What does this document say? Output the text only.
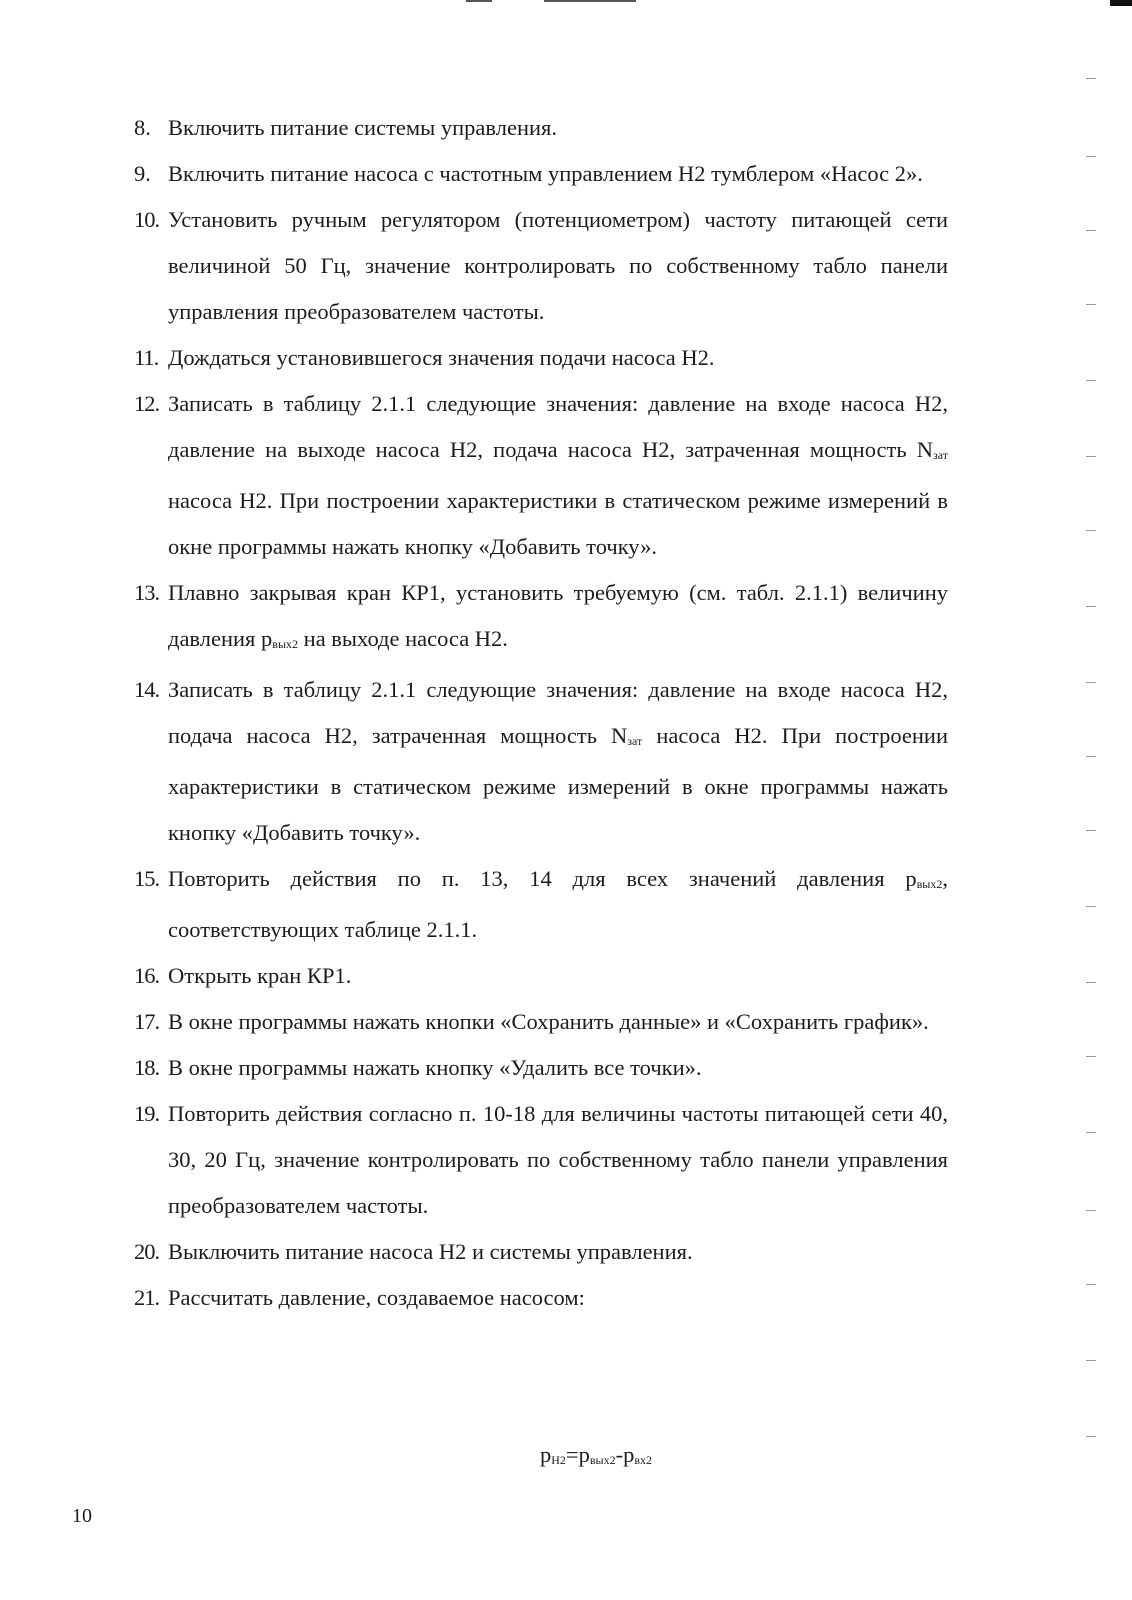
8. Включить питание системы управления.
9. Включить питание насоса с частотным управлением Н2 тумблером «Насос 2».
10. Установить ручным регулятором (потенциометром) частоту питающей сети величиной 50 Гц, значение контролировать по собственному табло панели управления преобразователем частоты.
11. Дождаться установившегося значения подачи насоса Н2.
12. Записать в таблицу 2.1.1 следующие значения: давление на входе насоса Н2, давление на выходе насоса Н2, подача насоса Н2, затраченная мощность $N_{зат}$ насоса Н2. При построении характеристики в статическом режиме измерений в окне программы нажать кнопку «Добавить точку».
13. Плавно закрывая кран КР1, установить требуемую (см. табл. 2.1.1) величину давления $р_{вых2}$ на выходе насоса Н2.
14. Записать в таблицу 2.1.1 следующие значения: давление на входе насоса Н2, подача насоса Н2, затраченная мощность $N_{зат}$ насоса Н2. При построении характеристики в статическом режиме измерений в окне программы нажать кнопку «Добавить точку».
15. Повторить действия по п. 13, 14 для всех значений давления $р_{вых2}$, соответствующих таблице 2.1.1.
16. Открыть кран КР1.
17. В окне программы нажать кнопки «Сохранить данные» и «Сохранить график».
18. В окне программы нажать кнопку «Удалить все точки».
19. Повторить действия согласно п. 10-18 для величины частоты питающей сети 40, 30, 20 Гц, значение контролировать по собственному табло панели управления преобразователем частоты.
20. Выключить питание насоса Н2 и системы управления.
21. Рассчитать давление, создаваемое насосом:
$р_{Н2}=р_{вых2}-р_{вх2}$
10
